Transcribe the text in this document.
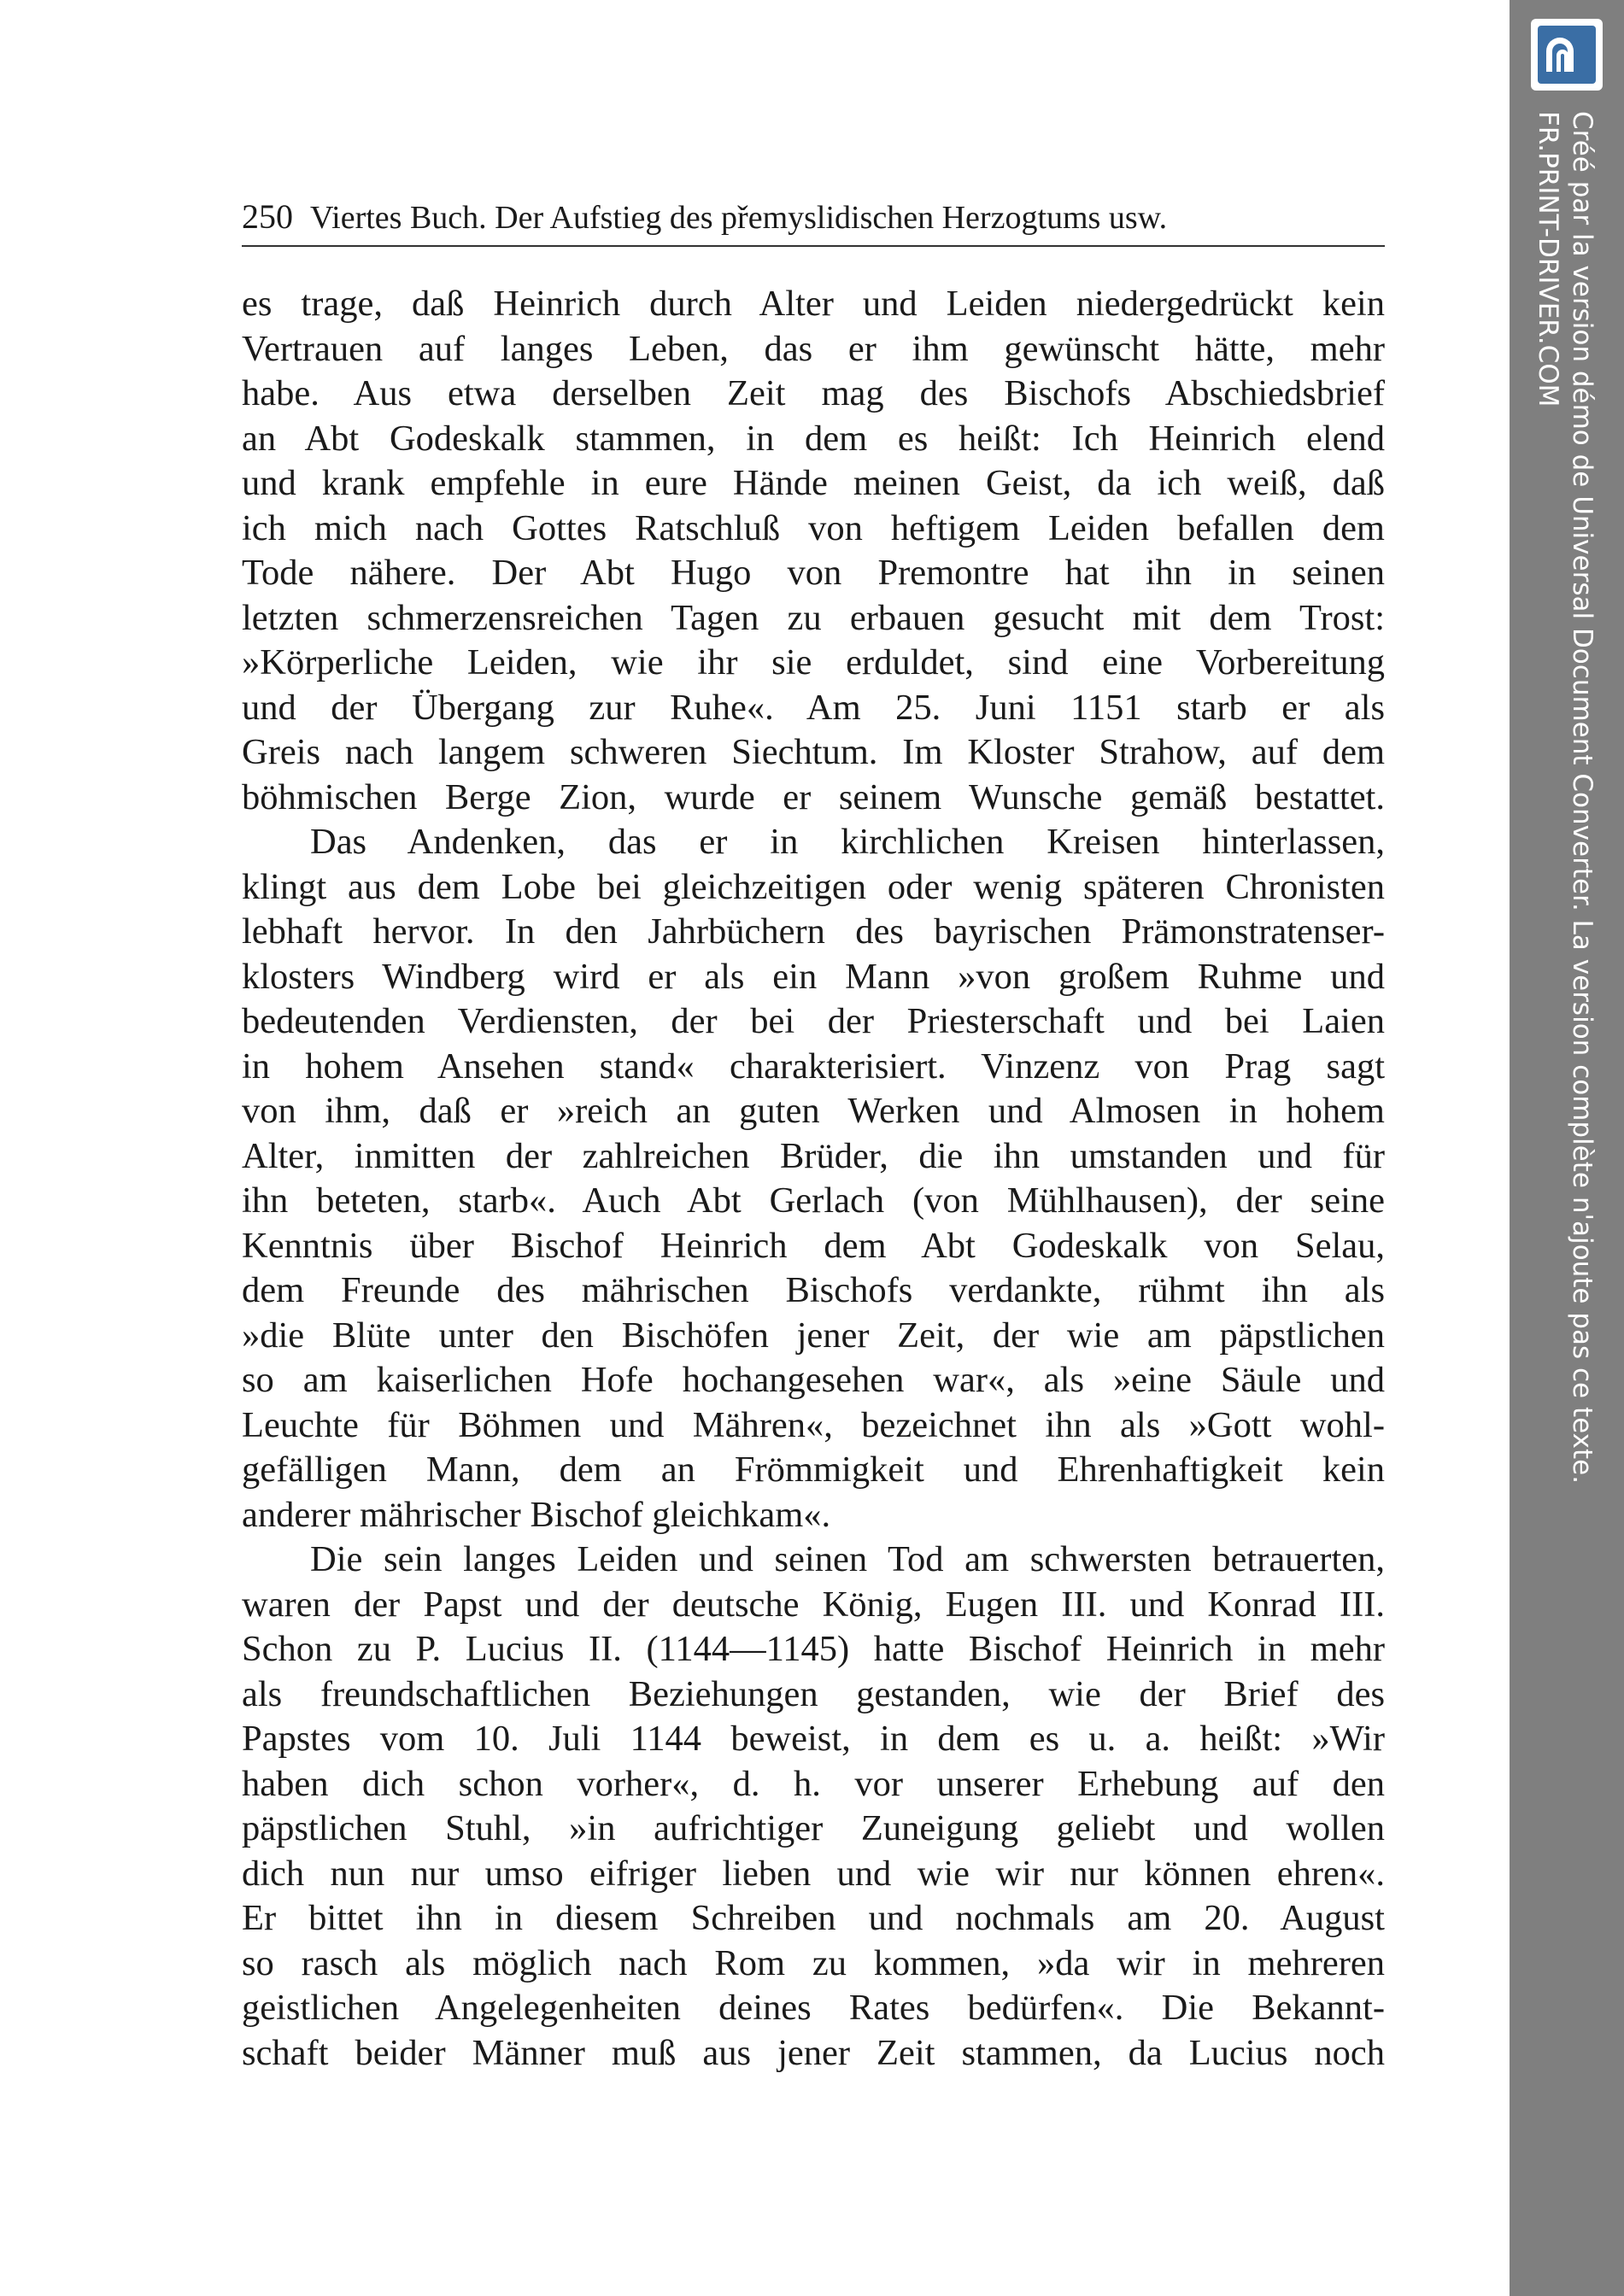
250 Viertes Buch. Der Aufstieg des přemyslidischen Herzogtums usw.
es trage, daß Heinrich durch Alter und Leiden niedergedrückt kein
Vertrauen auf langes Leben, das er ihm gewünscht hätte, mehr
habe. Aus etwa derselben Zeit mag des Bischofs Abschiedsbrief
an Abt Godeskalk stammen, in dem es heißt: Ich Heinrich elend
und krank empfehle in eure Hände meinen Geist, da ich weiß, daß
ich mich nach Gottes Ratschluß von heftigem Leiden befallen dem
Tode nähere. Der Abt Hugo von Premontre hat ihn in seinen
letzten schmerzensreichen Tagen zu erbauen gesucht mit dem Trost:
»Körperliche Leiden, wie ihr sie erduldet, sind eine Vorbereitung
und der Übergang zur Ruhe«. Am 25. Juni 1151 starb er als
Greis nach langem schweren Siechtum. Im Kloster Strahow, auf dem
böhmischen Berge Zion, wurde er seinem Wunsche gemäß bestattet.
Das Andenken, das er in kirchlichen Kreisen hinterlassen,
klingt aus dem Lobe bei gleichzeitigen oder wenig späteren Chronisten
lebhaft hervor. In den Jahrbüchern des bayrischen Prämonstratenser-
klosters Windberg wird er als ein Mann »von großem Ruhme und
bedeutenden Verdiensten, der bei der Priesterschaft und bei Laien
in hohem Ansehen stand« charakterisiert. Vinzenz von Prag sagt
von ihm, daß er »reich an guten Werken und Almosen in hohem
Alter, inmitten der zahlreichen Brüder, die ihn umstanden und für
ihn beteten, starb«. Auch Abt Gerlach (von Mühlhausen), der seine
Kenntnis über Bischof Heinrich dem Abt Godeskalk von Selau,
dem Freunde des mährischen Bischofs verdankte, rühmt ihn als
»die Blüte unter den Bischöfen jener Zeit, der wie am päpstlichen
so am kaiserlichen Hofe hochangesehen war«, als »eine Säule und
Leuchte für Böhmen und Mähren«, bezeichnet ihn als »Gott wohl-
gefälligen Mann, dem an Frömmigkeit und Ehrenhaftigkeit kein
anderer mährischer Bischof gleichkam«.
Die sein langes Leiden und seinen Tod am schwersten betrauerten,
waren der Papst und der deutsche König, Eugen III. und Konrad III.
Schon zu P. Lucius II. (1144—1145) hatte Bischof Heinrich in mehr
als freundschaftlichen Beziehungen gestanden, wie der Brief des
Papstes vom 10. Juli 1144 beweist, in dem es u. a. heißt: »Wir
haben dich schon vorher«, d. h. vor unserer Erhebung auf den
päpstlichen Stuhl, »in aufrichtiger Zuneigung geliebt und wollen
dich nun nur umso eifriger lieben und wie wir nur können ehren«.
Er bittet ihn in diesem Schreiben und nochmals am 20. August
so rasch als möglich nach Rom zu kommen, »da wir in mehreren
geistlichen Angelegenheiten deines Rates bedürfen«. Die Bekannt-
schaft beider Männer muß aus jener Zeit stammen, da Lucius noch
Créé par la version démo de Universal Document Converter. La version complète n'ajoute pas ce texte.
FR.PRINT-DRIVER.COM
